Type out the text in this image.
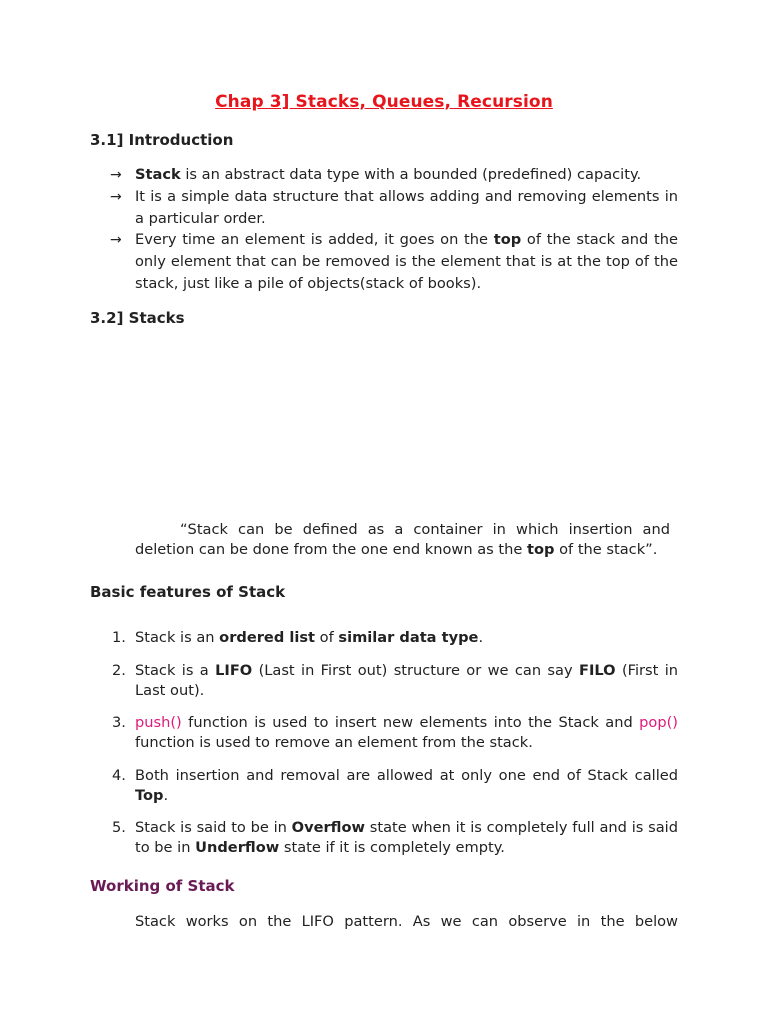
Chap 3] Stacks, Queues, Recursion
3.1] Introduction
→ Stack is an abstract data type with a bounded (predefined) capacity.
→ It is a simple data structure that allows adding and removing elements in a particular order.
→ Every time an element is added, it goes on the top of the stack and the only element that can be removed is the element that is at the top of the stack, just like a pile of objects(stack of books).
3.2] Stacks
“Stack can be defined as a container in which insertion and deletion can be done from the one end known as the top of the stack”.
Basic features of Stack
1. Stack is an ordered list of similar data type.
2. Stack is a LIFO (Last in First out) structure or we can say FILO (First in Last out).
3. push() function is used to insert new elements into the Stack and pop() function is used to remove an element from the stack.
4. Both insertion and removal are allowed at only one end of Stack called Top.
5. Stack is said to be in Overflow state when it is completely full and is said to be in Underflow state if it is completely empty.
Working of Stack
Stack works on the LIFO pattern. As we can observe in the below
